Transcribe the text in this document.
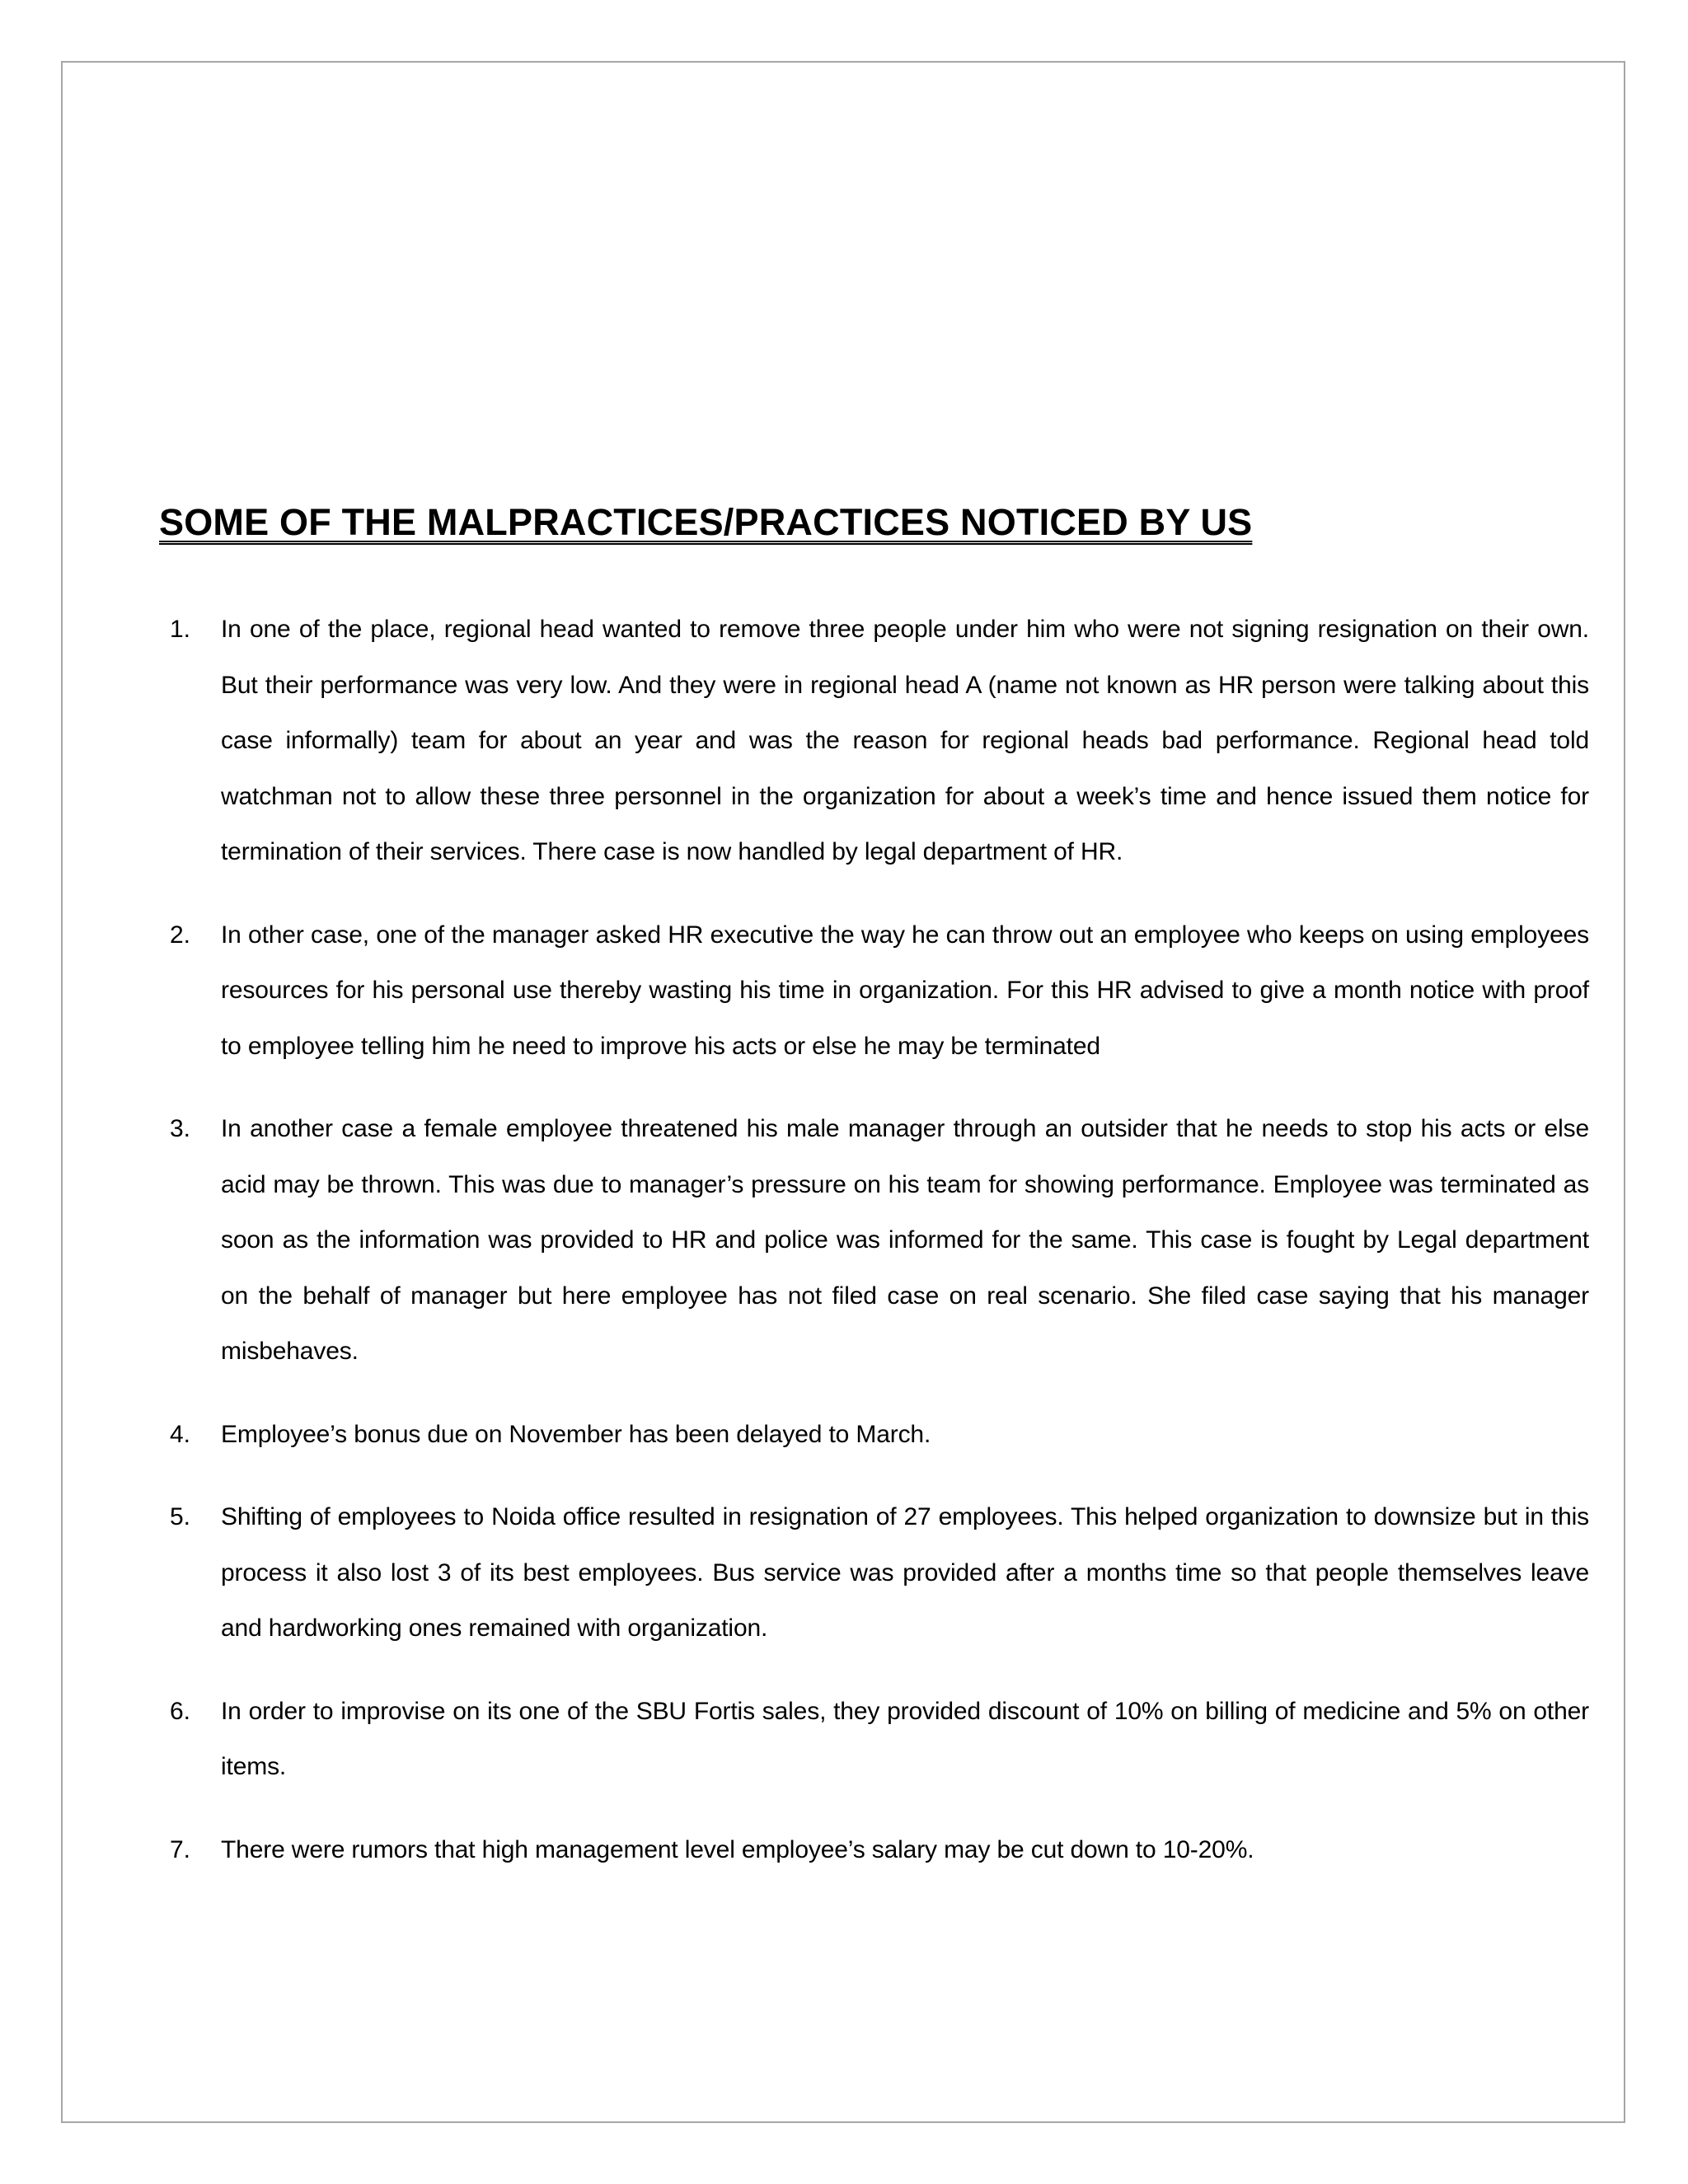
SOME OF THE MALPRACTICES/PRACTICES NOTICED BY US
1.	In one of the place, regional head wanted to remove three people under him who were not signing resignation on their own. But their performance was very low. And they were in regional head A (name not known as HR person were talking about this case informally) team for about an year and was the reason for regional heads bad performance. Regional head told watchman not to allow these three personnel in the organization for about a week’s time and hence issued them notice for termination of their services. There case is now handled by legal department of HR.
2.	In other case, one of the manager asked HR executive the way he can throw out an employee who keeps on using employees resources for his personal use thereby wasting his time in organization. For this HR advised to give a month notice with proof to employee telling him he need to improve his acts or else he may be terminated
3.	In another case a female employee threatened his male manager through an outsider that he needs to stop his acts or else acid may be thrown. This was due to manager’s pressure on his team for showing performance. Employee was terminated as soon as the information was provided to HR and police was informed for the same. This case is fought by Legal department on the behalf of manager but here employee has not filed case on real scenario. She filed case saying that his manager misbehaves.
4.	Employee’s bonus due on November has been delayed to March.
5.	Shifting of employees to Noida office resulted in resignation of 27 employees. This helped organization to downsize but in this process it also lost 3 of its best employees. Bus service was provided after a months time so that people themselves leave and hardworking ones remained with organization.
6.	In order to improvise on its one of the SBU Fortis sales, they provided discount of 10% on billing of medicine and 5% on other items.
7.	There were rumors that high management level employee’s salary may be cut down to 10-20%.
